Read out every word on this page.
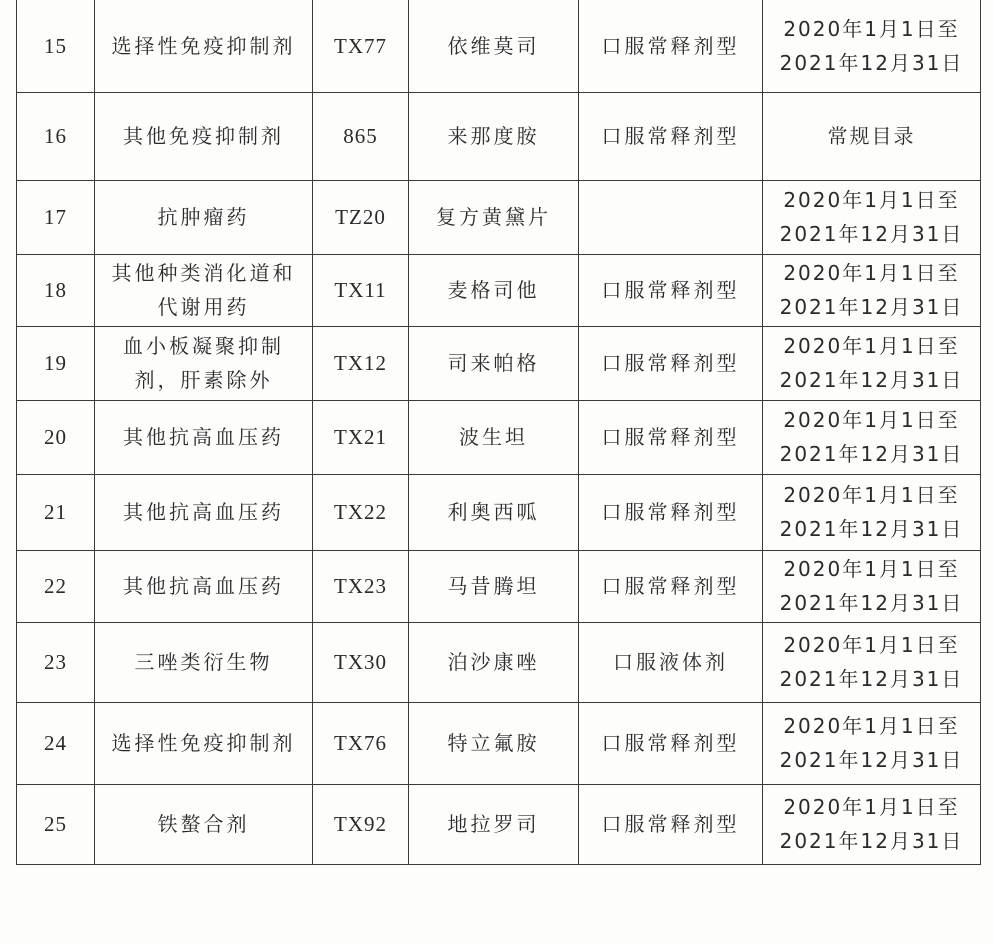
15	选择性免疫抑制剂	TX77	依维莫司	口服常释剂型	2020年1月1日至
2021年12月31日

16	其他免疫抑制剂	865	来那度胺	口服常释剂型	常规目录

17	抗肿瘤药	TZ20	复方黄黛片		2020年1月1日至
2021年12月31日

18	其他种类消化道和
代谢用药	TX11	麦格司他	口服常释剂型	2020年1月1日至
2021年12月31日

19	血小板凝聚抑制
剂，肝素除外	TX12	司来帕格	口服常释剂型	2020年1月1日至
2021年12月31日

20	其他抗高血压药	TX21	波生坦	口服常释剂型	2020年1月1日至
2021年12月31日

21	其他抗高血压药	TX22	利奥西呱	口服常释剂型	2020年1月1日至
2021年12月31日

22	其他抗高血压药	TX23	马昔腾坦	口服常释剂型	2020年1月1日至
2021年12月31日

23	三唑类衍生物	TX30	泊沙康唑	口服液体剂	2020年1月1日至
2021年12月31日

24	选择性免疫抑制剂	TX76	特立氟胺	口服常释剂型	2020年1月1日至
2021年12月31日

25	铁螯合剂	TX92	地拉罗司	口服常释剂型	2020年1月1日至
2021年12月31日
